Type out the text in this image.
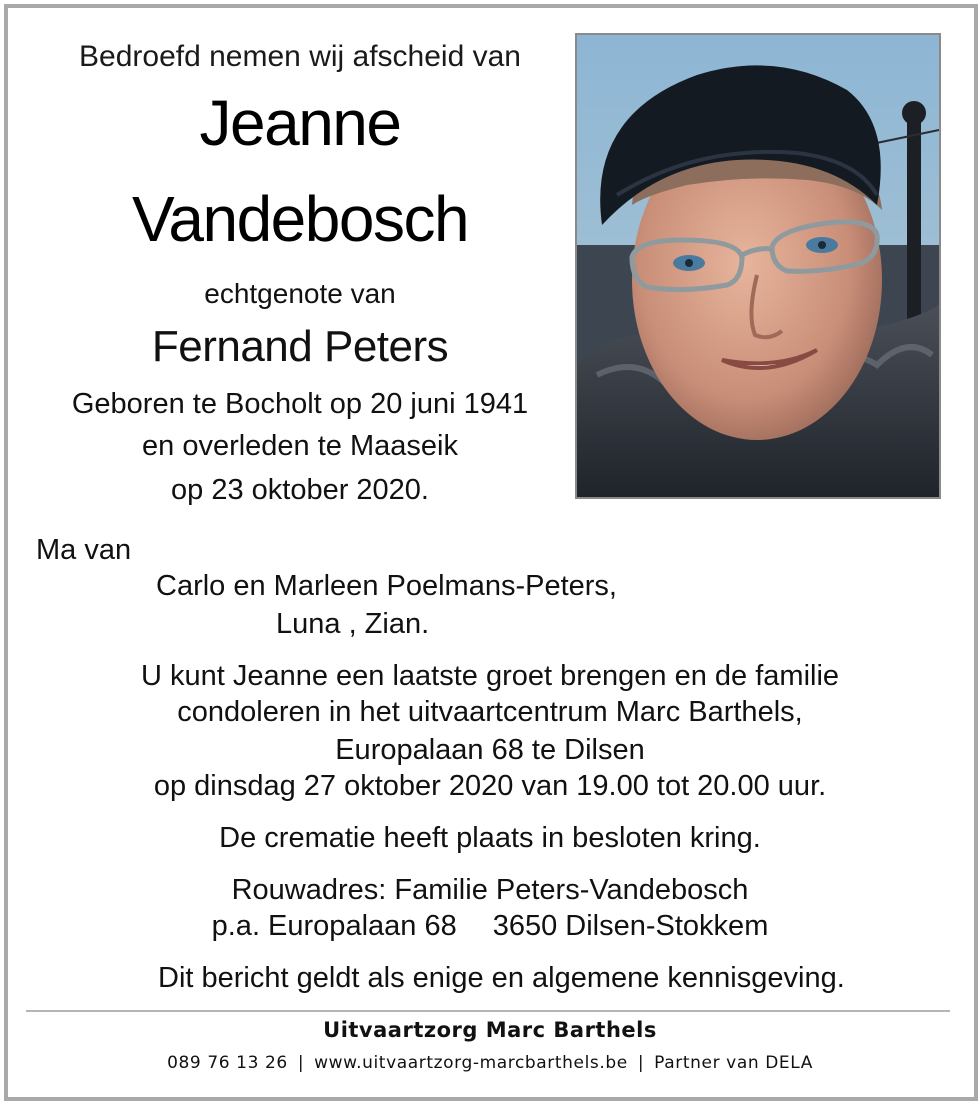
Bedroefd nemen wij afscheid van
Jeanne
Vandebosch
echtgenote van
Fernand Peters
Geboren te Bocholt op 20 juni 1941
en overleden te Maaseik
op 23 oktober 2020.
Ma van
Carlo en Marleen Poelmans-Peters,
Luna , Zian.
U kunt Jeanne een laatste groet brengen en de familie
condoleren in het uitvaartcentrum Marc Barthels,
Europalaan 68 te Dilsen
op dinsdag 27 oktober 2020 van 19.00 tot 20.00 uur.
De crematie heeft plaats in besloten kring.
Rouwadres: Familie Peters-Vandebosch
p.a. Europalaan 68 3650 Dilsen-Stokkem
Dit bericht geldt als enige en algemene kennisgeving.
Uitvaartzorg Marc Barthels
089 76 13 26 | www.uitvaartzorg-marcbarthels.be | Partner van DELA
